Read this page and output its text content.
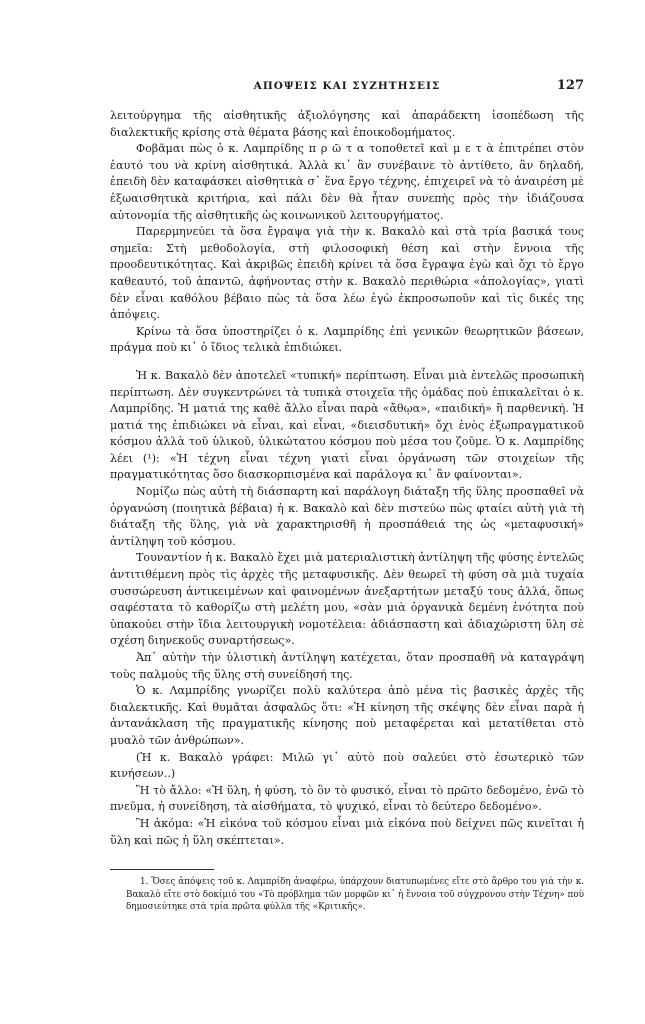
ΑΠΟΨΕΙΣ ΚΑΙ ΣΥΖΗΤΗΣΕΙΣ	127

λειτούργημα τῆς αἰσθητικῆς ἀξιολόγησης καὶ ἀπαράδεκτη ἰσοπέδωση τῆς διαλεκτικῆς κρίσης στὰ θέματα βάσης καὶ ἐποικοδομήματος.

Φοβᾶμαι πὼς ὁ κ. Λαμπρίδης π ρ ῶ τ α τοποθετεῖ καὶ μ ε τ ὰ ἐπιτρέπει στὸν ἑαυτό του νὰ κρίνη αἰσθητικά. Ἀλλὰ κι᾽ ἂν συνέβαινε τὸ ἀντίθετο, ἂν δηλαδή, ἐπειδὴ δὲν καταφάσκει αἰσθητικὰ σ᾽ ἕνα ἔργο τέχνης, ἐπιχειρεῖ νὰ τὸ ἀναιρέση μὲ ἐξωαισθητικὰ κριτήρια, καὶ πάλι δὲν θὰ ἦταν συνεπὴς πρὸς τὴν ἰδιάζουσα αὐτονομία τῆς αἰσθητικῆς ὡς κοινωνικοῦ λειτουργήματος.

Παρερμηνεύει τὰ ὅσα ἔγραψα γιὰ τὴν κ. Βακαλὸ καὶ στὰ τρία βασικά τους σημεῖα: Στὴ μεθοδολογία, στὴ φιλοσοφικὴ θέση καὶ στὴν ἔννοια τῆς προοδευτικότητας. Καὶ ἀκριβῶς ἐπειδὴ κρίνει τὰ ὅσα ἔγραψα ἐγὼ καὶ ὄχι τὸ ἔργο καθεαυτό, τοῦ ἀπαντῶ, ἀφήνοντας στὴν κ. Βακαλὸ περιθώρια «ἀπολογίας», γιατὶ δὲν εἶναι καθόλου βέβαιο πὼς τὰ ὅσα λέω ἐγὼ ἐκπροσωποῦν καὶ τὶς δικές της ἀπόψεις.

Κρίνω τὰ ὅσα ὑποστηρίζει ὁ κ. Λαμπρίδης ἐπὶ γενικῶν θεωρητικῶν βάσεων, πράγμα ποὺ κι᾽ ὁ ἴδιος τελικὰ ἐπιδιώκει.

Ἡ κ. Βακαλὸ δὲν ἀποτελεῖ «τυπική» περίπτωση. Εἶναι μιὰ ἐντελῶς προσωπικὴ περίπτωση. Δὲν συγκεντρώνει τὰ τυπικὰ στοιχεῖα τῆς ὁμάδας ποὺ ἐπικαλεῖται ὁ κ. Λαμπρίδης. Ἡ ματιά της καθὲ ἄλλο εἶναι παρὰ «ἄθῳα», «παιδική» ἢ παρθενική. Ἡ ματιά της ἐπιδιώκει νὰ εἶναι, καὶ εἶναι, «διεισδυτική» ὄχι ἑνὸς ἐξωπραγματικοῦ κόσμου ἀλλὰ τοῦ ὑλικοῦ, ὑλικώτατου κόσμου ποὺ μέσα του ζοῦμε. Ὁ κ. Λαμπρίδης λέει (¹): «Ἡ τέχνη εἶναι τέχνη γιατὶ εἶναι ὀργάνωση τῶν στοιχείων τῆς πραγματικότητας ὅσο διασκορπισμένα καὶ παράλογα κι᾽ ἂν φαίνονται».

Νομίζω πὼς αὐτὴ τὴ διάσπαρτη καὶ παράλογη διάταξη τῆς ὕλης προσπαθεῖ νὰ ὀργανώση (ποιητικὰ βέβαια) ἡ κ. Βακαλὸ καὶ δὲν πιστεύω πὼς φταίει αὐτὴ γιὰ τὴ διάταξη τῆς ὕλης, γιὰ νὰ χαρακτηρισθῆ ἡ προσπάθειά της ὡς «μεταφυσική» ἀντίληψη τοῦ κόσμου.

Τουναντίον ἡ κ. Βακαλὸ ἔχει μιὰ ματεριαλιστικὴ ἀντίληψη τῆς φύσης ἐντελῶς ἀντιτιθέμενη πρὸς τὶς ἀρχὲς τῆς μεταφυσικῆς. Δὲν θεωρεῖ τὴ φύση σὰ μιὰ τυχαία συσσώρευση ἀντικειμένων καὶ φαινομένων ἀνεξαρτήτων μεταξύ τους ἀλλά, ὅπως σαφέστατα τὸ καθορίζω στὴ μελέτη μου, «σὰν μιὰ ὀργανικὰ δεμένη ἑνότητα ποὺ ὑπακούει στὴν ἴδια λειτουργικὴ νομοτέλεια: ἀδιάσπαστη καὶ ἀδιαχώριστη ὕλη σὲ σχέση διηνεκοῦς συναρτήσεως».

Ἀπ᾽ αὐτὴν τὴν ὑλιστικὴ ἀντίληψη κατέχεται, ὅταν προσπαθῆ νὰ καταγράψη τοὺς παλμοὺς τῆς ὕλης στὴ συνείδησή της.

Ὁ κ. Λαμπρίδης γνωρίζει πολὺ καλύτερα ἀπὸ μένα τὶς βασικὲς ἀρχὲς τῆς διαλεκτικῆς. Καὶ θυμᾶται ἀσφαλῶς ὅτι: «Ἡ κίνηση τῆς σκέψης δὲν εἶναι παρὰ ἡ ἀντανάκλαση τῆς πραγματικῆς κίνησης ποὺ μεταφέρεται καὶ μετατίθεται στὸ μυαλὸ τῶν ἀνθρώπων».

(Ἡ κ. Βακαλὸ γράφει: Μιλῶ γι᾽ αὐτὸ ποὺ σαλεύει στὸ ἐσωτερικὸ τῶν κινήσεων..)

Ἢ τὸ ἄλλο: «Ἡ ὕλη, ἡ φύση, τὸ ὂν τὸ φυσικό, εἶναι τὸ πρῶτο δεδομένο, ἐνῶ τὸ πνεῦμα, ἡ συνείδηση, τὰ αἰσθήματα, τὸ ψυχικό, εἶναι τὸ δεύτερο δεδομένο».

Ἢ ἀκόμα: «Ἡ εἰκόνα τοῦ κόσμου εἶναι μιὰ εἰκόνα ποὺ δείχνει πῶς κινεῖται ἡ ὕλη καὶ πῶς ἡ ὕλη σκέπτεται».

1. Ὅσες ἀπόψεις τοῦ κ. Λαμπρίδη ἀναφέρω, ὑπάρχουν διατυπωμένες εἴτε στὸ ἄρθρο του γιὰ τὴν κ. Βακαλὸ εἴτε στὸ δοκίμιό του «Τὸ πρόβλημα τῶν μορφῶν κι᾽ ἡ ἔννοια τοῦ σύγχρονου στὴν Τέχνη» ποὺ δημοσιεύτηκε στὰ τρία πρῶτα φύλλα τῆς «Κριτικῆς».
